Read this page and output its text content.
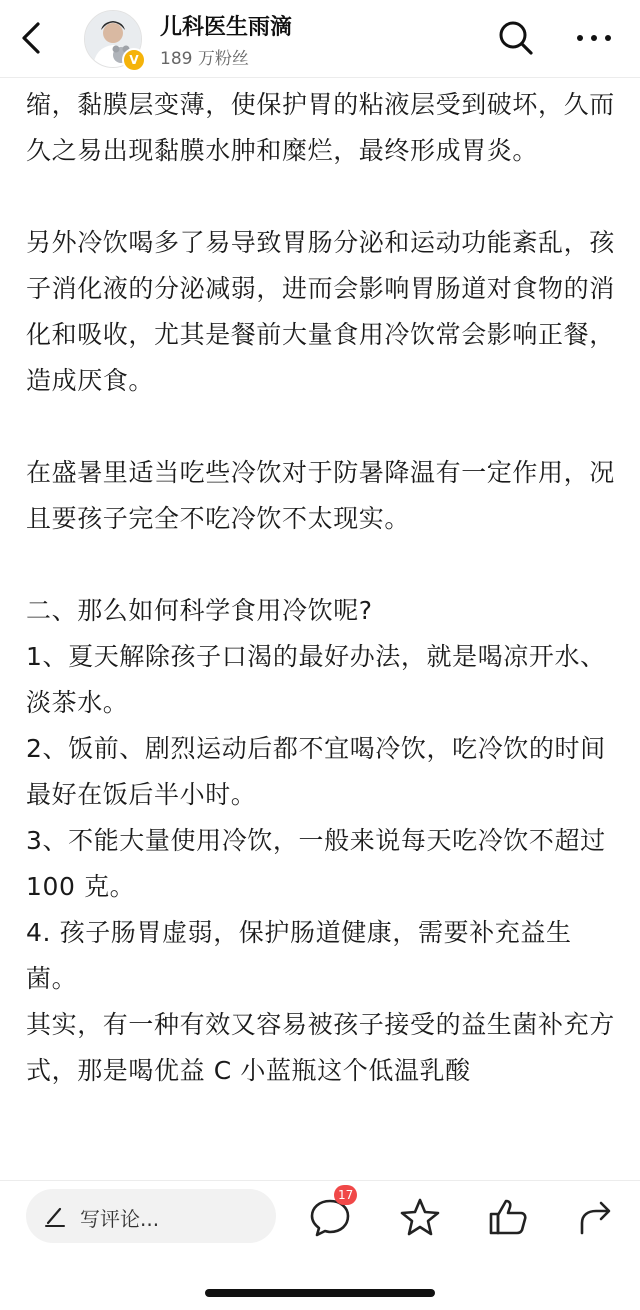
V
儿科医生雨滴
189 万粉丝

缩，黏膜层变薄，使保护胃的粘液层受到破坏，久而久之易出现黏膜水肿和糜烂，最终形成胃炎。

另外冷饮喝多了易导致胃肠分泌和运动功能紊乱，孩子消化液的分泌减弱，进而会影响胃肠道对食物的消化和吸收，尤其是餐前大量食用冷饮常会影响正餐，造成厌食。

在盛暑里适当吃些冷饮对于防暑降温有一定作用，况且要孩子完全不吃冷饮不太现实。

二、那么如何科学食用冷饮呢?

1、夏天解除孩子口渴的最好办法，就是喝凉开水、淡茶水。

2、饭前、剧烈运动后都不宜喝冷饮，吃冷饮的时间最好在饭后半小时。

3、不能大量使用冷饮，一般来说每天吃冷饮不超过 100 克。

4. 孩子肠胃虚弱，保护肠道健康，需要补充益生菌。

其实，有一种有效又容易被孩子接受的益生菌补充方式，那是喝优益 C 小蓝瓶这个低温乳酸

写评论...
17
